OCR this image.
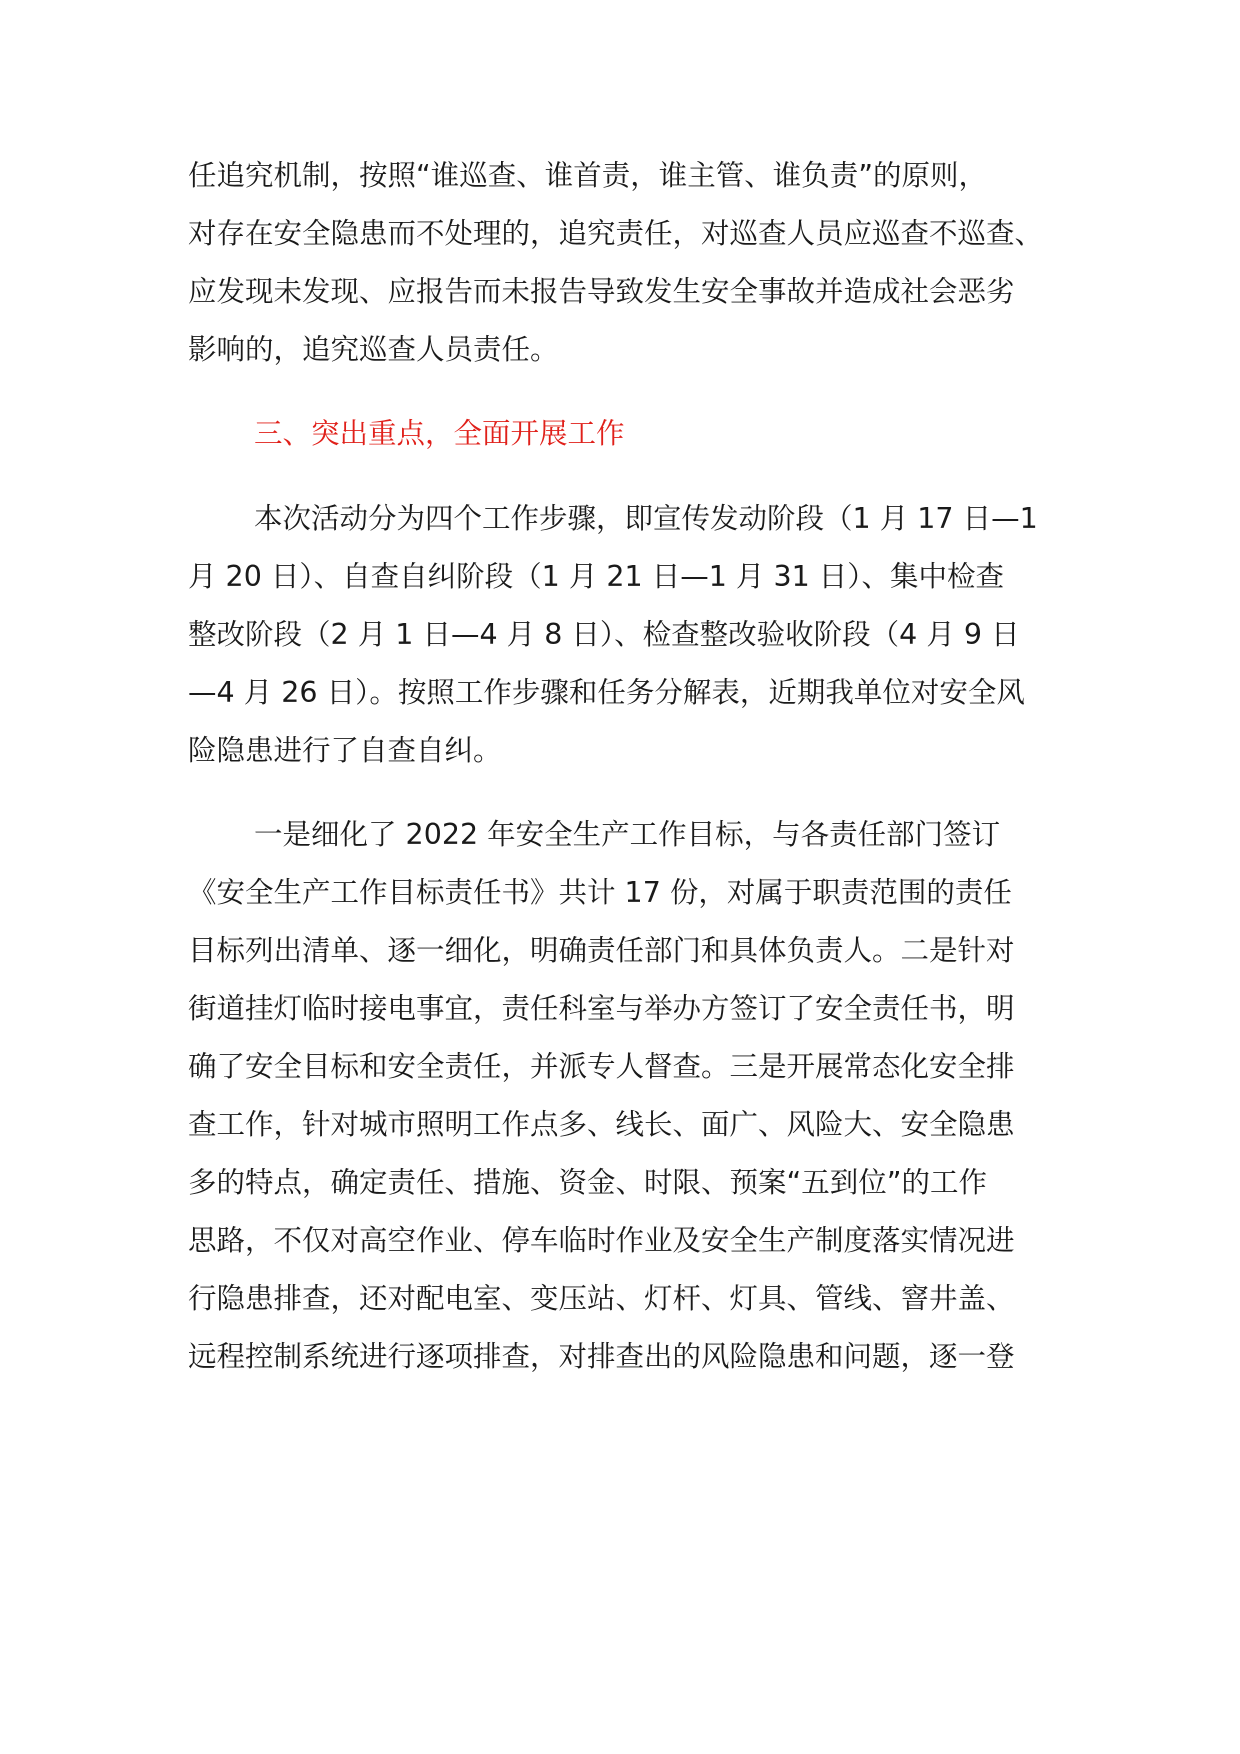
任追究机制，按照“谁巡查、谁首责，谁主管、谁负责”的原则，
对存在安全隐患而不处理的，追究责任，对巡查人员应巡查不巡查、
应发现未发现、应报告而未报告导致发生安全事故并造成社会恶劣
影响的，追究巡查人员责任。
三、突出重点，全面开展工作
本次活动分为四个工作步骤，即宣传发动阶段（1 月 17 日—1
月 20 日）、自查自纠阶段（1 月 21 日—1 月 31 日）、集中检查
整改阶段（2 月 1 日—4 月 8 日）、检查整改验收阶段（4 月 9 日
—4 月 26 日）。按照工作步骤和任务分解表，近期我单位对安全风
险隐患进行了自查自纠。
一是细化了 2022 年安全生产工作目标，与各责任部门签订
《安全生产工作目标责任书》共计 17 份，对属于职责范围的责任
目标列出清单、逐一细化，明确责任部门和具体负责人。二是针对
街道挂灯临时接电事宜，责任科室与举办方签订了安全责任书，明
确了安全目标和安全责任，并派专人督查。三是开展常态化安全排
查工作，针对城市照明工作点多、线长、面广、风险大、安全隐患
多的特点，确定责任、措施、资金、时限、预案“五到位”的工作
思路，不仅对高空作业、停车临时作业及安全生产制度落实情况进
行隐患排查，还对配电室、变压站、灯杆、灯具、管线、窨井盖、
远程控制系统进行逐项排查，对排查出的风险隐患和问题，逐一登
